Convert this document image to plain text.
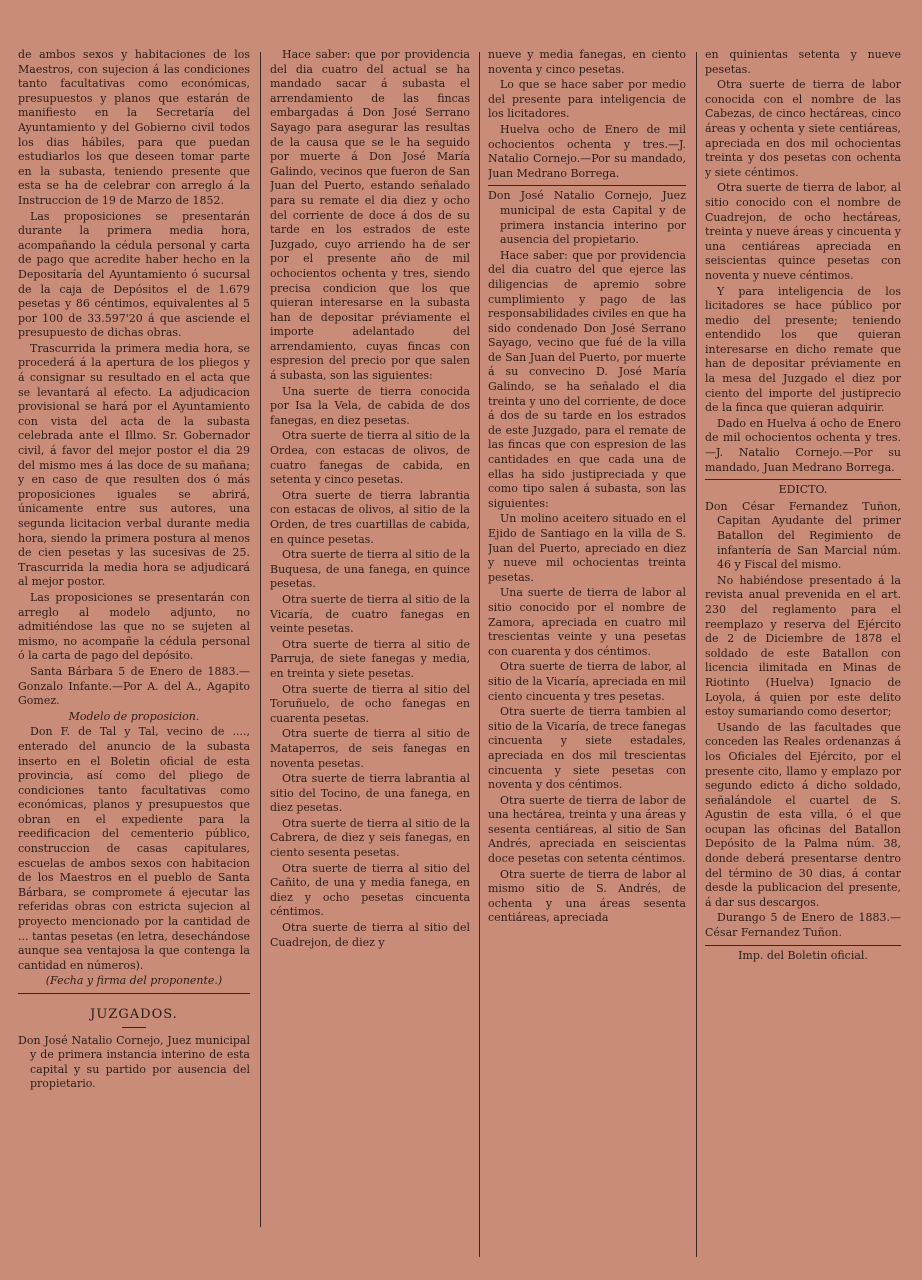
de ambos sexos y habitaciones de los Maestros, con sujecion á las condiciones tanto facultativas como económicas, presupuestos y planos que estarán de manifiesto en la Secretaría del Ayuntamiento y del Gobierno civil todos los dias hábiles, para que puedan estudiarlos los que deseen tomar parte en la subasta, teniendo presente que esta se ha de celebrar con arreglo á la Instruccion de 19 de Marzo de 1852.

Las proposiciones se presentarán durante la primera media hora, acompañando la cédula personal y carta de pago que acredite haber hecho en la Depositaría del Ayuntamiento ó sucursal de la caja de Depósitos el de 1.679 pesetas y 86 céntimos, equivalentes al 5 por 100 de 33.597'20 á que asciende el presupuesto de dichas obras.

Trascurrida la primera media hora, se procederá á la apertura de los pliegos y á consignar su resultado en el acta que se levantará al efecto. La adjudicacion provisional se hará por el Ayuntamiento con vista del acta de la subasta celebrada ante el Illmo. Sr. Gobernador civil, á favor del mejor postor el dia 29 del mismo mes á las doce de su mañana; y en caso de que resulten dos ó más proposiciones iguales se abrirá, únicamente entre sus autores, una segunda licitacion verbal durante media hora, siendo la primera postura al menos de cien pesetas y las sucesivas de 25. Trascurrida la media hora se adjudicará al mejor postor.

Las proposiciones se presentarán con arreglo al modelo adjunto, no admitiéndose las que no se sujeten al mismo, no acompañe la cédula personal ó la carta de pago del depósito.

Santa Bárbara 5 de Enero de 1883.—Gonzalo Infante.—Por A. del A., Agapito Gomez.

Modelo de proposicion.

Don F. de Tal y Tal, vecino de ...., enterado del anuncio de la subasta inserto en el Boletin oficial de esta provincia, así como del pliego de condiciones tanto facultativas como económicas, planos y presupuestos que obran en el expediente para la reedificacion del cementerio público, construccion de casas capitulares, escuelas de ambos sexos con habitacion de los Maestros en el pueblo de Santa Bárbara, se compromete á ejecutar las referidas obras con estricta sujecion al proyecto mencionado por la cantidad de ... tantas pesetas (en letra, desechándose aunque sea ventajosa la que contenga la cantidad en números).

(Fecha y firma del proponente.)

JUZGADOS.

Don José Natalio Cornejo, Juez municipal y de primera instancia interino de esta capital y su partido por ausencia del propietario.

Hace saber: que por providencia del dia cuatro del actual se ha mandado sacar á subasta el arrendamiento de las fincas embargadas á Don José Serrano Sayago para asegurar las resultas de la causa que se le ha seguido por muerte á Don José María Galindo, vecinos que fueron de San Juan del Puerto, estando señalado para su remate el dia diez y ocho del corriente de doce á dos de su tarde en los estrados de este Juzgado, cuyo arriendo ha de ser por el presente año de mil ochocientos ochenta y tres, siendo precisa condicion que los que quieran interesarse en la subasta han de depositar préviamente el importe adelantado del arrendamiento, cuyas fincas con espresion del precio por que salen á subasta, son las siguientes:

Una suerte de tierra conocida por Isa la Vela, de cabida de dos fanegas, en diez pesetas.

Otra suerte de tierra al sitio de la Ordea, con estacas de olivos, de cuatro fanegas de cabida, en setenta y cinco pesetas.

Otra suerte de tierra labrantia con estacas de olivos, al sitio de la Orden, de tres cuartillas de cabida, en quince pesetas.

Otra suerte de tierra al sitio de la Buquesa, de una fanega, en quince pesetas.

Otra suerte de tierra al sitio de la Vicaría, de cuatro fanegas en veinte pesetas.

Otra suerte de tierra al sitio de Parruja, de siete fanegas y media, en treinta y siete pesetas.

Otra suerte de tierra al sitio del Toruñuelo, de ocho fanegas en cuarenta pesetas.

Otra suerte de tierra al sitio de Mataperros, de seis fanegas en noventa pesetas.

Otra suerte de tierra labrantia al sitio del Tocino, de una fanega, en diez pesetas.

Otra suerte de tierra al sitio de la Cabrera, de diez y seis fanegas, en ciento sesenta pesetas.

Otra suerte de tierra al sitio del Cañito, de una y media fanega, en diez y ocho pesetas cincuenta céntimos.

Otra suerte de tierra al sitio del Cuadrejon, de diez y

nueve y media fanegas, en ciento noventa y cinco pesetas.

Lo que se hace saber por medio del presente para inteligencia de los licitadores.

Huelva ocho de Enero de mil ochocientos ochenta y tres.—J. Natalio Cornejo.—Por su mandado, Juan Medrano Borrega.

Don José Natalio Cornejo, Juez municipal de esta Capital y de primera instancia interino por ausencia del propietario.

Hace saber: que por providencia del dia cuatro del que ejerce las diligencias de apremio sobre cumplimiento y pago de las responsabilidades civiles en que ha sido condenado Don José Serrano Sayago, vecino que fué de la villa de San Juan del Puerto, por muerte á su convecino D. José María Galindo, se ha señalado el dia treinta y uno del corriente, de doce á dos de su tarde en los estrados de este Juzgado, para el remate de las fincas que con espresion de las cantidades en que cada una de ellas ha sido justipreciada y que como tipo salen á subasta, son las siguientes:

Un molino aceitero situado en el Ejido de Santiago en la villa de S. Juan del Puerto, apreciado en diez y nueve mil ochocientas treinta pesetas.

Una suerte de tierra de labor al sitio conocido por el nombre de Zamora, apreciada en cuatro mil trescientas veinte y una pesetas con cuarenta y dos céntimos.

Otra suerte de tierra de labor, al sitio de la Vicaría, apreciada en mil ciento cincuenta y tres pesetas.

Otra suerte de tierra tambien al sitio de la Vicaría, de trece fanegas cincuenta y siete estadales, apreciada en dos mil trescientas cincuenta y siete pesetas con noventa y dos céntimos.

Otra suerte de tierra de labor de una hectárea, treinta y una áreas y sesenta centiáreas, al sitio de San Andrés, apreciada en seiscientas doce pesetas con setenta céntimos.

Otra suerte de tierra de labor al mismo sitio de S. Andrés, de ochenta y una áreas sesenta centiáreas, apreciada

en quinientas setenta y nueve pesetas.

Otra suerte de tierra de labor conocida con el nombre de las Cabezas, de cinco hectáreas, cinco áreas y ochenta y siete centiáreas, apreciada en dos mil ochocientas treinta y dos pesetas con ochenta y siete céntimos.

Otra suerte de tierra de labor, al sitio conocido con el nombre de Cuadrejon, de ocho hectáreas, treinta y nueve áreas y cincuenta y una centiáreas apreciada en seiscientas quince pesetas con noventa y nueve céntimos.

Y para inteligencia de los licitadores se hace público por medio del presente; teniendo entendido los que quieran interesarse en dicho remate que han de depositar préviamente en la mesa del Juzgado el diez por ciento del importe del justiprecio de la finca que quieran adquirir.

Dado en Huelva á ocho de Enero de mil ochocientos ochenta y tres.—J. Natalio Cornejo.—Por su mandado, Juan Medrano Borrega.

EDICTO.

Don César Fernandez Tuñon, Capitan Ayudante del primer Batallon del Regimiento de infantería de San Marcial núm. 46 y Fiscal del mismo.

No habiéndose presentado á la revista anual prevenida en el art. 230 del reglamento para el reemplazo y reserva del Ejército de 2 de Diciembre de 1878 el soldado de este Batallon con licencia ilimitada en Minas de Riotinto (Huelva) Ignacio de Loyola, á quien por este delito estoy sumariando como desertor;

Usando de las facultades que conceden las Reales ordenanzas á los Oficiales del Ejército, por el presente cito, llamo y emplazo por segundo edicto á dicho soldado, señalándole el cuartel de S. Agustin de esta villa, ó el que ocupan las oficinas del Batallon Depósito de la Palma núm. 38, donde deberá presentarse dentro del término de 30 dias, á contar desde la publicacion del presente, á dar sus descargos.

Durango 5 de Enero de 1883.—César Fernandez Tuñon.

Imp. del Boletin oficial.
